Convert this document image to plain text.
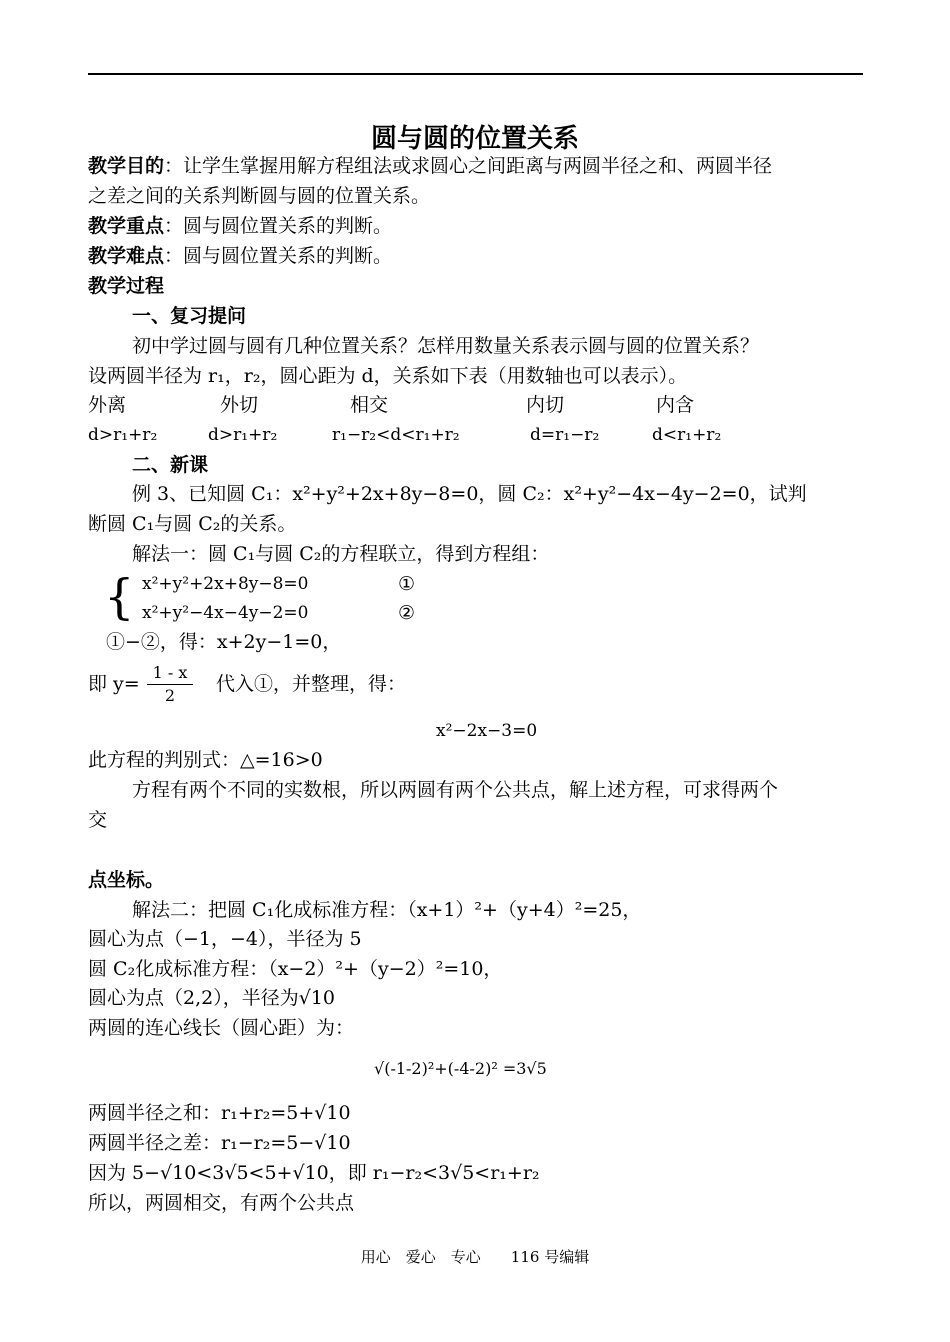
圆与圆的位置关系
教学目的：让学生掌握用解方程组法或求圆心之间距离与两圆半径之和、两圆半径
之差之间的关系判断圆与圆的位置关系。
教学重点：圆与圆位置关系的判断。
教学难点：圆与圆位置关系的判断。
教学过程
一、复习提问
初中学过圆与圆有几种位置关系？怎样用数量关系表示圆与圆的位置关系？
设两圆半径为 r₁，r₂，圆心距为 d，关系如下表（用数轴也可以表示）。
外离	外切	相交	内切	内含
d>r₁+r₂	d>r₁+r₂	r₁−r₂<d<r₁+r₂	d=r₁−r₂	d<r₁+r₂
二、新课
例 3、已知圆 C₁：x²+y²+2x+8y−8=0，圆 C₂：x²+y²−4x−4y−2=0，试判
断圆 C₁与圆 C₂的关系。
解法一：圆 C₁与圆 C₂的方程联立，得到方程组：
{ x²+y²+2x+8y−8=0	①
x²+y²−4x−4y−2=0	②
①−②，得：x+2y−1=0，
即 $y= \frac{1 - x}{2}$ 代入①，并整理，得：
x²−2x−3=0
此方程的判别式：△=16>0
方程有两个不同的实数根，所以两圆有两个公共点，解上述方程，可求得两个
交
点坐标。
解法二：把圆 C₁化成标准方程：（x+1）²+（y+4）²=25，
圆心为点（−1，−4），半径为 5
圆 C₂化成标准方程：（x−2）²+（y−2）²=10，
圆心为点（2,2），半径为√10
两圆的连心线长（圆心距）为：
√(-1-2)²+(-4-2)² =3√5
两圆半径之和：r₁+r₂=5+√10
两圆半径之差：r₁−r₂=5−√10
因为 5−√10<3√5<5+√10，即 r₁−r₂<3√5<r₁+r₂
所以，两圆相交，有两个公共点
用心　爱心　专心　　116 号编辑
